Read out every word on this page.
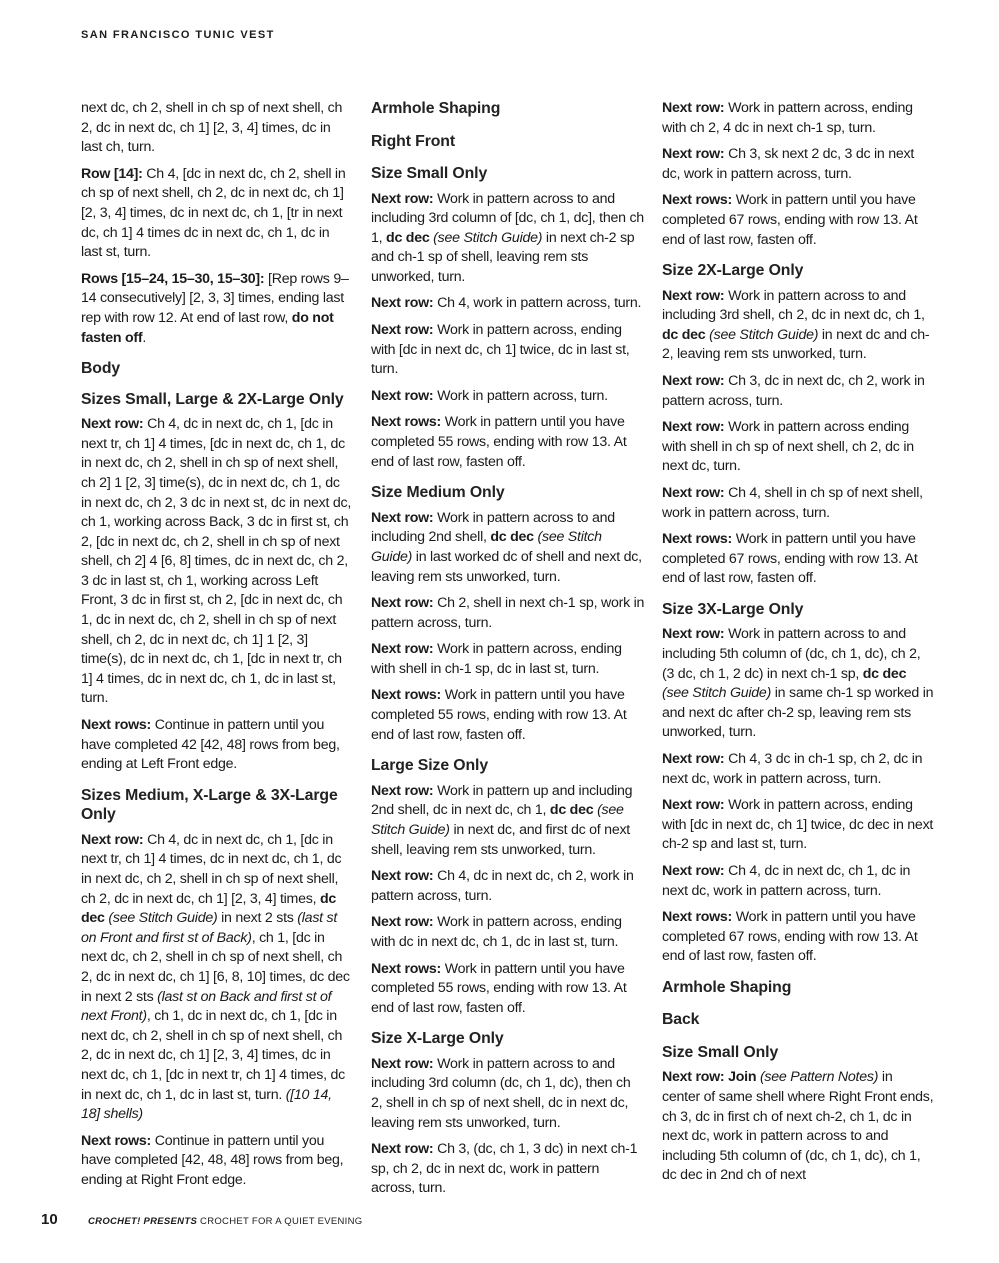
SAN FRANCISCO TUNIC VEST

next dc, ch 2, shell in ch sp of next shell, ch 2, dc in next dc, ch 1] [2, 3, 4] times, dc in last ch, turn.

Row [14]: Ch 4, [dc in next dc, ch 2, shell in ch sp of next shell, ch 2, dc in next dc, ch 1] [2, 3, 4] times, dc in next dc, ch 1, [tr in next dc, ch 1] 4 times dc in next dc, ch 1, dc in last st, turn.

Rows [15–24, 15–30, 15–30]: [Rep rows 9–14 consecutively] [2, 3, 3] times, ending last rep with row 12. At end of last row, do not fasten off.

Body
Sizes Small, Large & 2X-Large Only

Next row: Ch 4, dc in next dc, ch 1, [dc in next tr, ch 1] 4 times, [dc in next dc, ch 1, dc in next dc, ch 2, shell in ch sp of next shell, ch 2] 1 [2, 3] time(s), dc in next dc, ch 1, dc in next dc, ch 2, 3 dc in next st, dc in next dc, ch 1, working across Back, 3 dc in first st, ch 2, [dc in next dc, ch 2, shell in ch sp of next shell, ch 2] 4 [6, 8] times, dc in next dc, ch 2, 3 dc in last st, ch 1, working across Left Front, 3 dc in first st, ch 2, [dc in next dc, ch 1, dc in next dc, ch 2, shell in ch sp of next shell, ch 2, dc in next dc, ch 1] 1 [2, 3] time(s), dc in next dc, ch 1, [dc in next tr, ch 1] 4 times, dc in next dc, ch 1, dc in last st, turn.

Next rows: Continue in pattern until you have completed 42 [42, 48] rows from beg, ending at Left Front edge.

Sizes Medium, X-Large & 3X-Large Only

Next row: Ch 4, dc in next dc, ch 1, [dc in next tr, ch 1] 4 times, dc in next dc, ch 1, dc in next dc, ch 2, shell in ch sp of next shell, ch 2, dc in next dc, ch 1] [2, 3, 4] times, dc dec (see Stitch Guide) in next 2 sts (last st on Front and first st of Back), ch 1, [dc in next dc, ch 2, shell in ch sp of next shell, ch 2, dc in next dc, ch 1] [6, 8, 10] times, dc dec in next 2 sts (last st on Back and first st of next Front), ch 1, dc in next dc, ch 1, [dc in next dc, ch 2, shell in ch sp of next shell, ch 2, dc in next dc, ch 1] [2, 3, 4] times, dc in next dc, ch 1, [dc in next tr, ch 1] 4 times, dc in next dc, ch 1, dc in last st, turn. ([10 14, 18] shells)

Next rows: Continue in pattern until you have completed [42, 48, 48] rows from beg, ending at Right Front edge.

Armhole Shaping
Right Front
Size Small Only

Next row: Work in pattern across to and including 3rd column of [dc, ch 1, dc], then ch 1, dc dec (see Stitch Guide) in next ch-2 sp and ch-1 sp of shell, leaving rem sts unworked, turn.

Next row: Ch 4, work in pattern across, turn.

Next row: Work in pattern across, ending with [dc in next dc, ch 1] twice, dc in last st, turn.

Next row: Work in pattern across, turn.

Next rows: Work in pattern until you have completed 55 rows, ending with row 13. At end of last row, fasten off.

Size Medium Only

Next row: Work in pattern across to and including 2nd shell, dc dec (see Stitch Guide) in last worked dc of shell and next dc, leaving rem sts unworked, turn.

Next row: Ch 2, shell in next ch-1 sp, work in pattern across, turn.

Next row: Work in pattern across, ending with shell in ch-1 sp, dc in last st, turn.

Next rows: Work in pattern until you have completed 55 rows, ending with row 13. At end of last row, fasten off.

Large Size Only

Next row: Work in pattern up and including 2nd shell, dc in next dc, ch 1, dc dec (see Stitch Guide) in next dc, and first dc of next shell, leaving rem sts unworked, turn.

Next row: Ch 4, dc in next dc, ch 2, work in pattern across, turn.

Next row: Work in pattern across, ending with dc in next dc, ch 1, dc in last st, turn.

Next rows: Work in pattern until you have completed 55 rows, ending with row 13. At end of last row, fasten off.

Size X-Large Only

Next row: Work in pattern across to and including 3rd column (dc, ch 1, dc), then ch 2, shell in ch sp of next shell, dc in next dc, leaving rem sts unworked, turn.

Next row: Ch 3, (dc, ch 1, 3 dc) in next ch-1 sp, ch 2, dc in next dc, work in pattern across, turn.

Next row: Work in pattern across, ending with ch 2, 4 dc in next ch-1 sp, turn.

Next row: Ch 3, sk next 2 dc, 3 dc in next dc, work in pattern across, turn.

Next rows: Work in pattern until you have completed 67 rows, ending with row 13. At end of last row, fasten off.

Size 2X-Large Only

Next row: Work in pattern across to and including 3rd shell, ch 2, dc in next dc, ch 1, dc dec (see Stitch Guide) in next dc and ch-2, leaving rem sts unworked, turn.

Next row: Ch 3, dc in next dc, ch 2, work in pattern across, turn.

Next row: Work in pattern across ending with shell in ch sp of next shell, ch 2, dc in next dc, turn.

Next row: Ch 4, shell in ch sp of next shell, work in pattern across, turn.

Next rows: Work in pattern until you have completed 67 rows, ending with row 13. At end of last row, fasten off.

Size 3X-Large Only

Next row: Work in pattern across to and including 5th column of (dc, ch 1, dc), ch 2, (3 dc, ch 1, 2 dc) in next ch-1 sp, dc dec (see Stitch Guide) in same ch-1 sp worked in and next dc after ch-2 sp, leaving rem sts unworked, turn.

Next row: Ch 4, 3 dc in ch-1 sp, ch 2, dc in next dc, work in pattern across, turn.

Next row: Work in pattern across, ending with [dc in next dc, ch 1] twice, dc dec in next ch-2 sp and last st, turn.

Next row: Ch 4, dc in next dc, ch 1, dc in next dc, work in pattern across, turn.

Next rows: Work in pattern until you have completed 67 rows, ending with row 13. At end of last row, fasten off.

Armhole Shaping
Back
Size Small Only

Next row: Join (see Pattern Notes) in center of same shell where Right Front ends, ch 3, dc in first ch of next ch-2, ch 1, dc in next dc, work in pattern across to and including 5th column of (dc, ch 1, dc), ch 1, dc dec in 2nd ch of next

10	CROCHET! PRESENTS CROCHET FOR A QUIET EVENING
